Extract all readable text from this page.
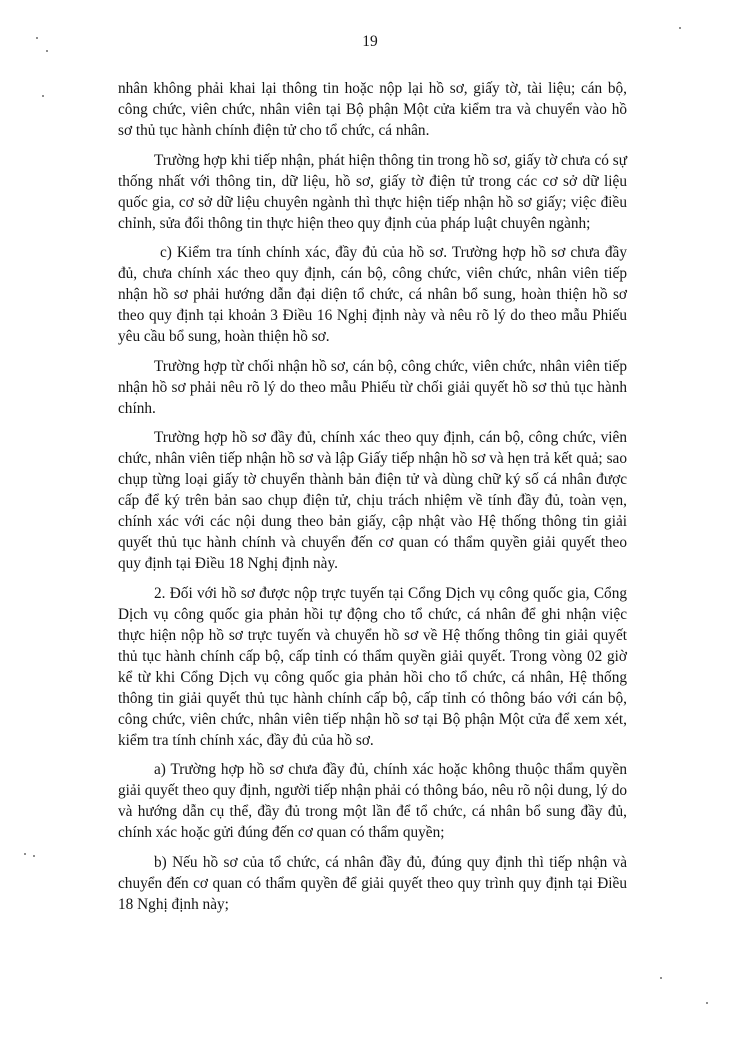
19

nhân không phải khai lại thông tin hoặc nộp lại hồ sơ, giấy tờ, tài liệu; cán bộ, công chức, viên chức, nhân viên tại Bộ phận Một cửa kiểm tra và chuyển vào hồ sơ thủ tục hành chính điện tử cho tổ chức, cá nhân.

Trường hợp khi tiếp nhận, phát hiện thông tin trong hồ sơ, giấy tờ chưa có sự thống nhất với thông tin, dữ liệu, hồ sơ, giấy tờ điện tử trong các cơ sở dữ liệu quốc gia, cơ sở dữ liệu chuyên ngành thì thực hiện tiếp nhận hồ sơ giấy; việc điều chỉnh, sửa đổi thông tin thực hiện theo quy định của pháp luật chuyên ngành;

c) Kiểm tra tính chính xác, đầy đủ của hồ sơ. Trường hợp hồ sơ chưa đầy đủ, chưa chính xác theo quy định, cán bộ, công chức, viên chức, nhân viên tiếp nhận hồ sơ phải hướng dẫn đại diện tổ chức, cá nhân bổ sung, hoàn thiện hồ sơ theo quy định tại khoản 3 Điều 16 Nghị định này và nêu rõ lý do theo mẫu Phiếu yêu cầu bổ sung, hoàn thiện hồ sơ.

Trường hợp từ chối nhận hồ sơ, cán bộ, công chức, viên chức, nhân viên tiếp nhận hồ sơ phải nêu rõ lý do theo mẫu Phiếu từ chối giải quyết hồ sơ thủ tục hành chính.

Trường hợp hồ sơ đầy đủ, chính xác theo quy định, cán bộ, công chức, viên chức, nhân viên tiếp nhận hồ sơ và lập Giấy tiếp nhận hồ sơ và hẹn trả kết quả; sao chụp từng loại giấy tờ chuyển thành bản điện tử và dùng chữ ký số cá nhân được cấp để ký trên bản sao chụp điện tử, chịu trách nhiệm về tính đầy đủ, toàn vẹn, chính xác với các nội dung theo bản giấy, cập nhật vào Hệ thống thông tin giải quyết thủ tục hành chính và chuyển đến cơ quan có thẩm quyền giải quyết theo quy định tại Điều 18 Nghị định này.

2. Đối với hồ sơ được nộp trực tuyến tại Cổng Dịch vụ công quốc gia, Cổng Dịch vụ công quốc gia phản hồi tự động cho tổ chức, cá nhân để ghi nhận việc thực hiện nộp hồ sơ trực tuyến và chuyển hồ sơ về Hệ thống thông tin giải quyết thủ tục hành chính cấp bộ, cấp tỉnh có thẩm quyền giải quyết. Trong vòng 02 giờ kể từ khi Cổng Dịch vụ công quốc gia phản hồi cho tổ chức, cá nhân, Hệ thống thông tin giải quyết thủ tục hành chính cấp bộ, cấp tỉnh có thông báo với cán bộ, công chức, viên chức, nhân viên tiếp nhận hồ sơ tại Bộ phận Một cửa để xem xét, kiểm tra tính chính xác, đầy đủ của hồ sơ.

a) Trường hợp hồ sơ chưa đầy đủ, chính xác hoặc không thuộc thẩm quyền giải quyết theo quy định, người tiếp nhận phải có thông báo, nêu rõ nội dung, lý do và hướng dẫn cụ thể, đầy đủ trong một lần để tổ chức, cá nhân bổ sung đầy đủ, chính xác hoặc gửi đúng đến cơ quan có thẩm quyền;

b) Nếu hồ sơ của tổ chức, cá nhân đầy đủ, đúng quy định thì tiếp nhận và chuyển đến cơ quan có thẩm quyền để giải quyết theo quy trình quy định tại Điều 18 Nghị định này;
